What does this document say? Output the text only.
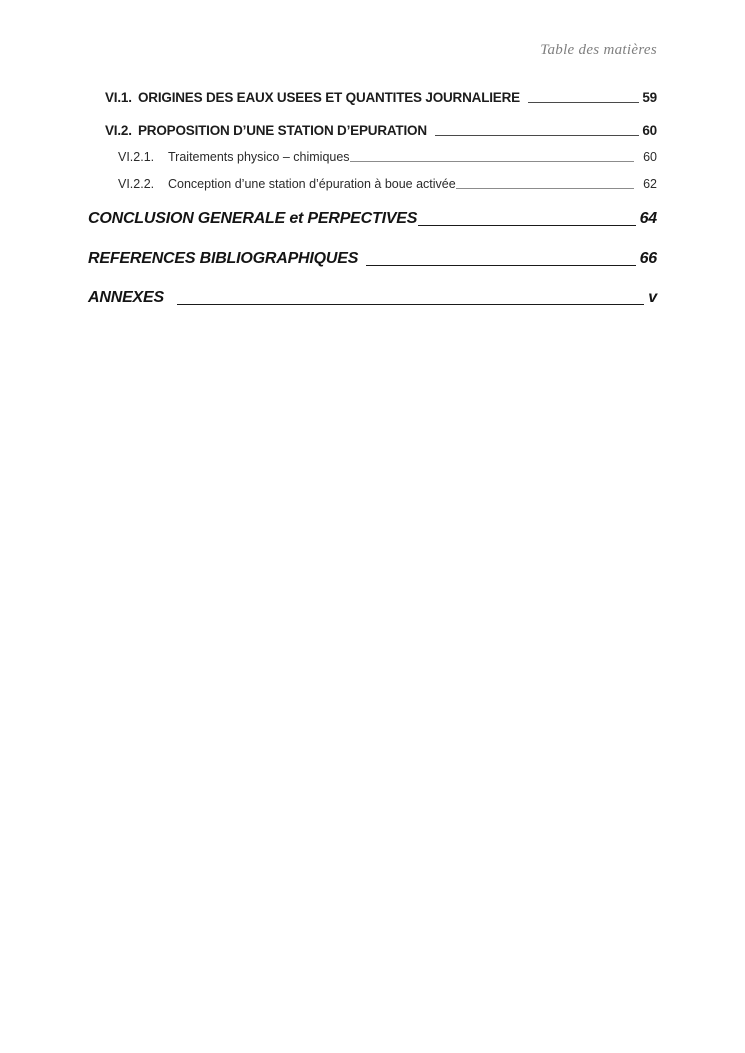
Table des matières
VI.1. ORIGINES DES EAUX USEES ET QUANTITES JOURNALIERE	59
VI.2. PROPOSITION D’UNE STATION D’EPURATION	60
VI.2.1.	Traitements physico – chimiques	60
VI.2.2.	Conception d’une station d’épuration à boue activée	62
CONCLUSION GENERALE et PERPECTIVES	64
REFERENCES BIBLIOGRAPHIQUES	66
ANNEXES	v
